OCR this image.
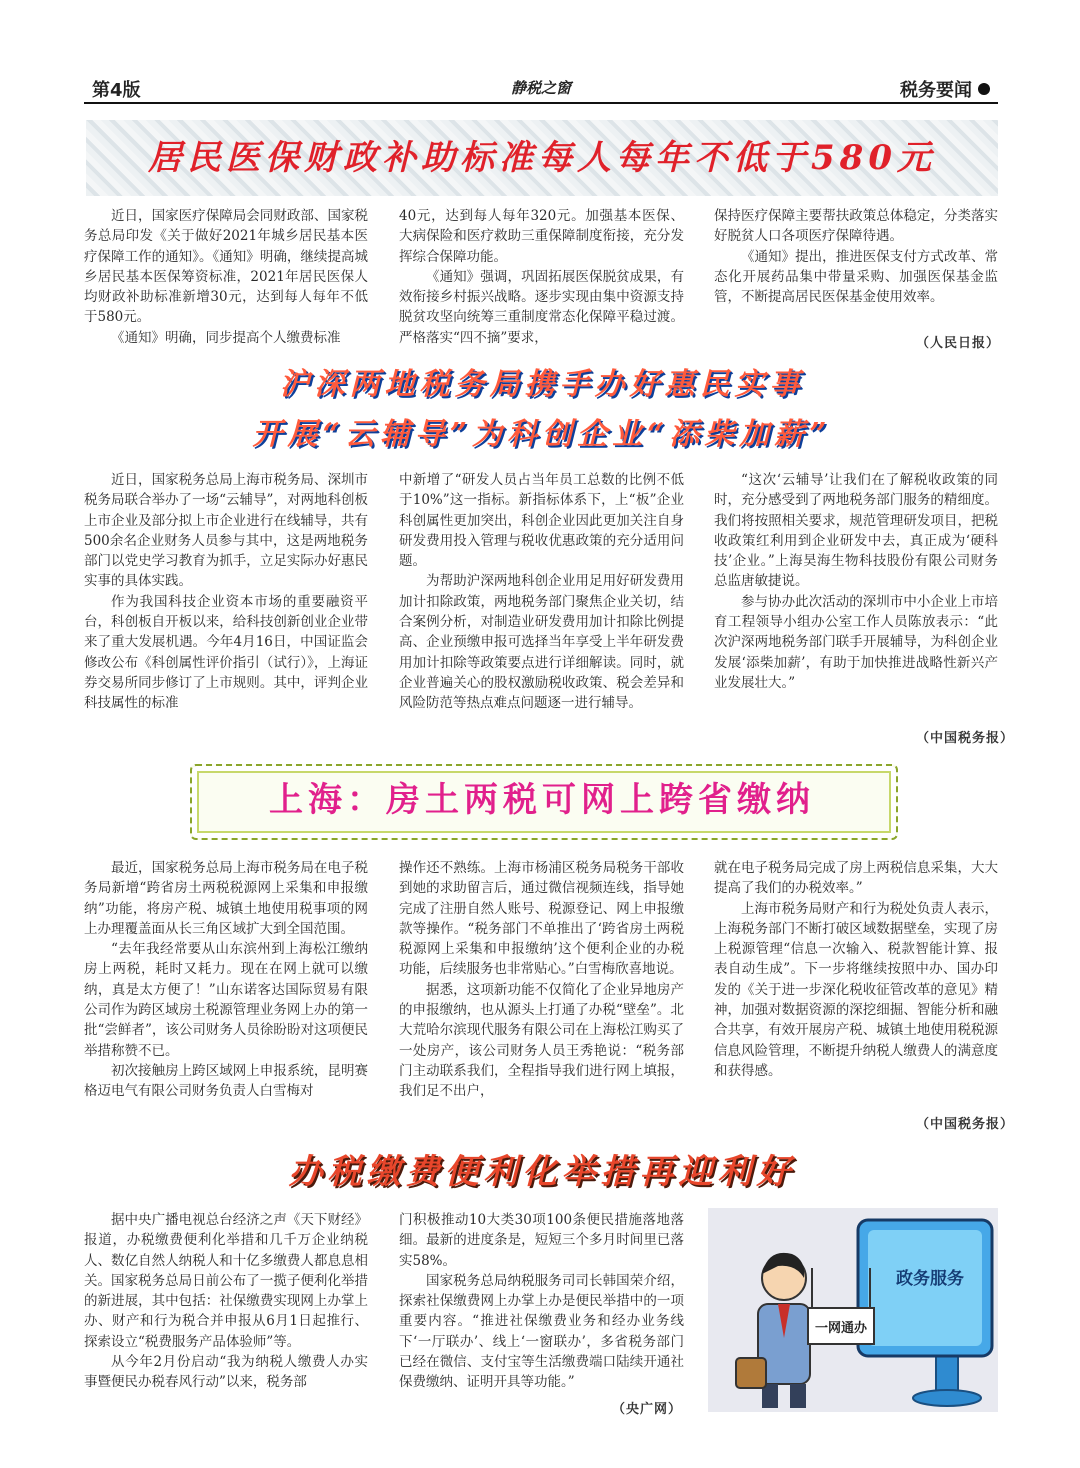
第4版	静税之窗	税务要闻
居民医保财政补助标准每人每年不低于580元

近日，国家医疗保障局会同财政部、国家税务总局印发《关于做好2021年城乡居民基本医疗保障工作的通知》。《通知》明确，继续提高城乡居民基本医保筹资标准，2021年居民医保人均财政补助标准新增30元，达到每人每年不低于580元。

《通知》明确，同步提高个人缴费标准

40元，达到每人每年320元。加强基本医保、大病保险和医疗救助三重保障制度衔接，充分发挥综合保障功能。

《通知》强调，巩固拓展医保脱贫成果，有效衔接乡村振兴战略。逐步实现由集中资源支持脱贫攻坚向统筹三重制度常态化保障平稳过渡。严格落实“四不摘”要求，

保持医疗保障主要帮扶政策总体稳定，分类落实好脱贫人口各项医疗保障待遇。

《通知》提出，推进医保支付方式改革、常态化开展药品集中带量采购、加强医保基金监管，不断提高居民医保基金使用效率。

（人民日报）
沪深两地税务局携手办好惠民实事
开展“云辅导”为科创企业“添柴加薪”

近日，国家税务总局上海市税务局、深圳市税务局联合举办了一场“云辅导”，对两地科创板上市企业及部分拟上市企业进行在线辅导，共有500余名企业财务人员参与其中，这是两地税务部门以党史学习教育为抓手，立足实际办好惠民实事的具体实践。

作为我国科技企业资本市场的重要融资平台，科创板自开板以来，给科技创新创业企业带来了重大发展机遇。今年4月16日，中国证监会修改公布《科创属性评价指引（试行）》，上海证券交易所同步修订了上市规则。其中，评判企业科技属性的标准

中新增了“研发人员占当年员工总数的比例不低于10%”这一指标。新指标体系下，上“板”企业科创属性更加突出，科创企业因此更加关注自身研发费用投入管理与税收优惠政策的充分适用问题。

为帮助沪深两地科创企业用足用好研发费用加计扣除政策，两地税务部门聚焦企业关切，结合案例分析，对制造业研发费用加计扣除比例提高、企业预缴申报可选择当年享受上半年研发费用加计扣除等政策要点进行详细解读。同时，就企业普遍关心的股权激励税收政策、税会差异和风险防范等热点难点问题逐一进行辅导。

“这次‘云辅导’让我们在了解税收政策的同时，充分感受到了两地税务部门服务的精细度。我们将按照相关要求，规范管理研发项目，把税收政策红利用到企业研发中去，真正成为‘硬科技’企业。”上海昊海生物科技股份有限公司财务总监唐敏捷说。

参与协办此次活动的深圳市中小企业上市培育工程领导小组办公室工作人员陈放表示：“此次沪深两地税务部门联手开展辅导，为科创企业发展‘添柴加薪’，有助于加快推进战略性新兴产业发展壮大。”

（中国税务报）
上海：房土两税可网上跨省缴纳

最近，国家税务总局上海市税务局在电子税务局新增“跨省房土两税税源网上采集和申报缴纳”功能，将房产税、城镇土地使用税事项的网上办理覆盖面从长三角区域扩大到全国范围。

“去年我经常要从山东滨州到上海松江缴纳房上两税，耗时又耗力。现在在网上就可以缴纳，真是太方便了！”山东诺客达国际贸易有限公司作为跨区域房土税源管理业务网上办的第一批“尝鲜者”，该公司财务人员徐盼盼对这项便民举措称赞不已。

初次接触房上跨区域网上申报系统，昆明赛格迈电气有限公司财务负责人白雪梅对

操作还不熟练。上海市杨浦区税务局税务干部收到她的求助留言后，通过微信视频连线，指导她完成了注册自然人账号、税源登记、网上申报缴款等操作。“税务部门不单推出了‘跨省房土两税税源网上采集和申报缴纳’这个便利企业的办税功能，后续服务也非常贴心。”白雪梅欣喜地说。

据悉，这项新功能不仅简化了企业异地房产的申报缴纳，也从源头上打通了办税“壁垒”。北大荒哈尔滨现代服务有限公司在上海松江购买了一处房产，该公司财务人员王秀艳说：“税务部门主动联系我们，全程指导我们进行网上填报，我们足不出户，

就在电子税务局完成了房上两税信息采集，大大提高了我们的办税效率。”

上海市税务局财产和行为税处负责人表示，上海税务部门不断打破区域数据壁垒，实现了房上税源管理“信息一次输入、税款智能计算、报表自动生成”。下一步将继续按照中办、国办印发的《关于进一步深化税收征管改革的意见》精神，加强对数据资源的深挖细掘、智能分析和融合共享，有效开展房产税、城镇土地使用税税源信息风险管理，不断提升纳税人缴费人的满意度和获得感。

（中国税务报）
办税缴费便利化举措再迎利好

据中央广播电视总台经济之声《天下财经》报道，办税缴费便利化举措和几千万企业纳税人、数亿自然人纳税人和十亿多缴费人都息息相关。国家税务总局日前公布了一揽子便利化举措的新进展，其中包括：社保缴费实现网上办掌上办、财产和行为税合并申报从6月1日起推行、探索设立“税费服务产品体验师”等。

从今年2月份启动“我为纳税人缴费人办实事暨便民办税春风行动”以来，税务部

门积极推动10大类30项100条便民措施落地落细。最新的进度条是，短短三个多月时间里已落实58%。

国家税务总局纳税服务司司长韩国荣介绍，探索社保缴费网上办掌上办是便民举措中的一项重要内容。“推进社保缴费业务和经办业务线下‘一厅联办’、线上‘一窗联办’，多省税务部门已经在微信、支付宝等生活缴费端口陆续开通社保费缴纳、证明开具等功能。”

（央广网）
一网通办
政务服务
